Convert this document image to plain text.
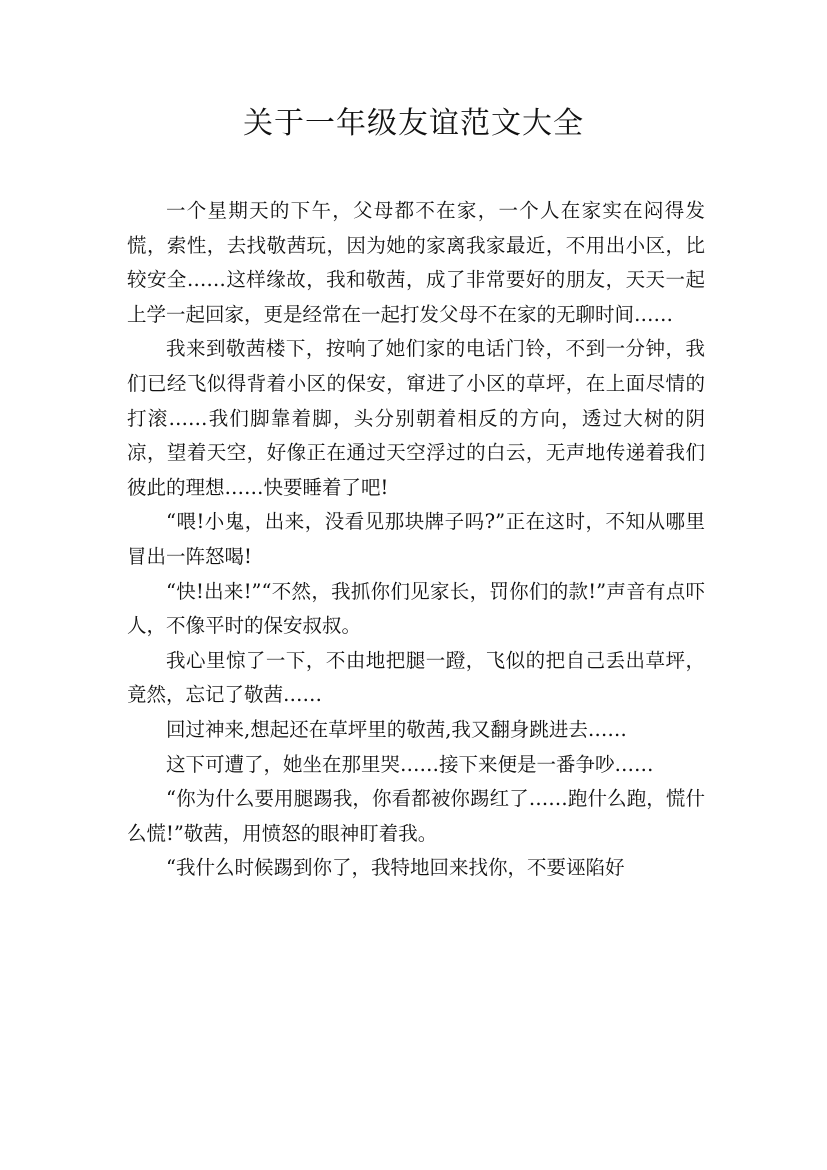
关于一年级友谊范文大全

一个星期天的下午，父母都不在家，一个人在家实在闷得发慌，索性，去找敬茜玩，因为她的家离我家最近，不用出小区，比较安全……这样缘故，我和敬茜，成了非常要好的朋友，天天一起上学一起回家，更是经常在一起打发父母不在家的无聊时间……

我来到敬茜楼下，按响了她们家的电话门铃，不到一分钟，我们已经飞似得背着小区的保安，窜进了小区的草坪，在上面尽情的打滚……我们脚靠着脚，头分别朝着相反的方向，透过大树的阴凉，望着天空，好像正在通过天空浮过的白云，无声地传递着我们彼此的理想……快要睡着了吧!

“喂!小鬼，出来，没看见那块牌子吗?”正在这时，不知从哪里冒出一阵怒喝!

“快!出来!”“不然，我抓你们见家长，罚你们的款!”声音有点吓人，不像平时的保安叔叔。

我心里惊了一下，不由地把腿一蹬，飞似的把自己丢出草坪，竟然，忘记了敬茜……

回过神来,想起还在草坪里的敬茜,我又翻身跳进去……

这下可遭了，她坐在那里哭……接下来便是一番争吵……

“你为什么要用腿踢我，你看都被你踢红了……跑什么跑，慌什么慌!”敬茜，用愤怒的眼神盯着我。

“我什么时候踢到你了，我特地回来找你，不要诬陷好
